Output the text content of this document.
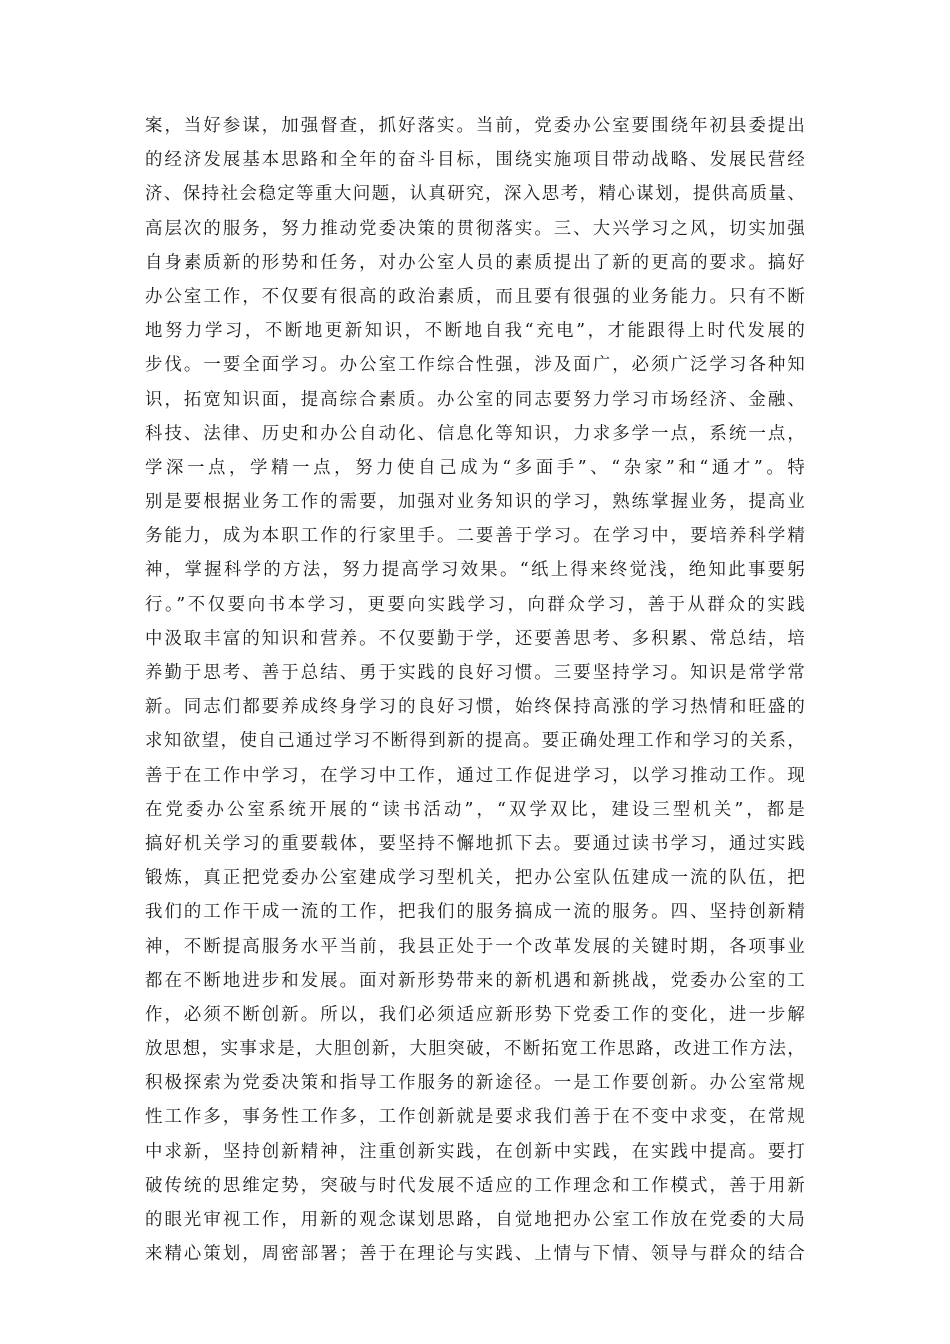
案，当好参谋，加强督查，抓好落实。当前，党委办公室要围绕年初县委提出
的经济发展基本思路和全年的奋斗目标，围绕实施项目带动战略、发展民营经
济、保持社会稳定等重大问题，认真研究，深入思考，精心谋划，提供高质量、
高层次的服务，努力推动党委决策的贯彻落实。三、大兴学习之风，切实加强
自身素质新的形势和任务，对办公室人员的素质提出了新的更高的要求。搞好
办公室工作，不仅要有很高的政治素质，而且要有很强的业务能力。只有不断
地努力学习，不断地更新知识，不断地自我“充电”，才能跟得上时代发展的
步伐。一要全面学习。办公室工作综合性强，涉及面广，必须广泛学习各种知
识，拓宽知识面，提高综合素质。办公室的同志要努力学习市场经济、金融、
科技、法律、历史和办公自动化、信息化等知识，力求多学一点，系统一点，
学深一点，学精一点，努力使自己成为“多面手”、“杂家”和“通才”。特
别是要根据业务工作的需要，加强对业务知识的学习，熟练掌握业务，提高业
务能力，成为本职工作的行家里手。二要善于学习。在学习中，要培养科学精
神，掌握科学的方法，努力提高学习效果。“纸上得来终觉浅，绝知此事要躬
行。”不仅要向书本学习，更要向实践学习，向群众学习，善于从群众的实践
中汲取丰富的知识和营养。不仅要勤于学，还要善思考、多积累、常总结，培
养勤于思考、善于总结、勇于实践的良好习惯。三要坚持学习。知识是常学常
新。同志们都要养成终身学习的良好习惯，始终保持高涨的学习热情和旺盛的
求知欲望，使自己通过学习不断得到新的提高。要正确处理工作和学习的关系，
善于在工作中学习，在学习中工作，通过工作促进学习，以学习推动工作。现
在党委办公室系统开展的“读书活动”，“双学双比，建设三型机关”，都是
搞好机关学习的重要载体，要坚持不懈地抓下去。要通过读书学习，通过实践
锻炼，真正把党委办公室建成学习型机关，把办公室队伍建成一流的队伍，把
我们的工作干成一流的工作，把我们的服务搞成一流的服务。四、坚持创新精
神，不断提高服务水平当前，我县正处于一个改革发展的关键时期，各项事业
都在不断地进步和发展。面对新形势带来的新机遇和新挑战，党委办公室的工
作，必须不断创新。所以，我们必须适应新形势下党委工作的变化，进一步解
放思想，实事求是，大胆创新，大胆突破，不断拓宽工作思路，改进工作方法，
积极探索为党委决策和指导工作服务的新途径。一是工作要创新。办公室常规
性工作多，事务性工作多，工作创新就是要求我们善于在不变中求变，在常规
中求新，坚持创新精神，注重创新实践，在创新中实践，在实践中提高。要打
破传统的思维定势，突破与时代发展不适应的工作理念和工作模式，善于用新
的眼光审视工作，用新的观念谋划思路，自觉地把办公室工作放在党委的大局
来精心策划，周密部署；善于在理论与实践、上情与下情、领导与群众的结合
